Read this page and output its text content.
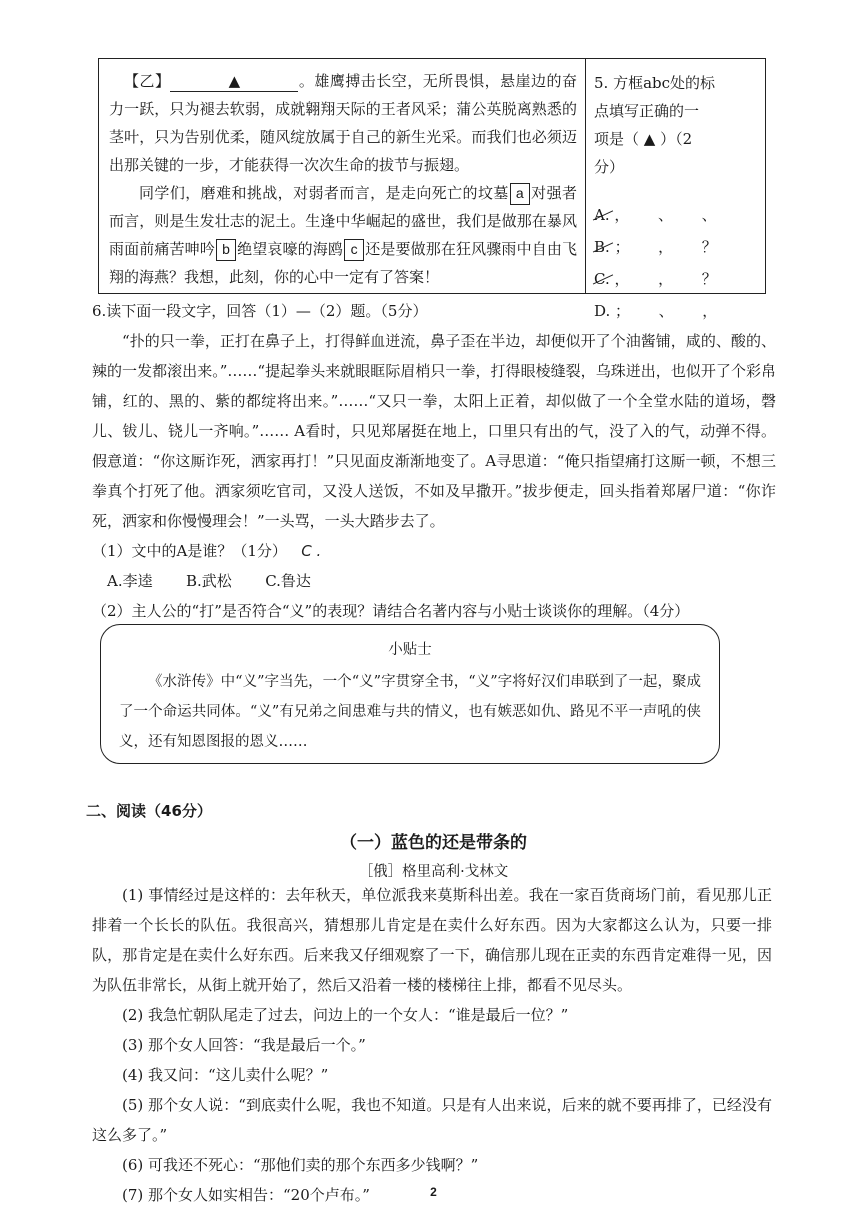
【乙】	▲	。雄鹰搏击长空，无所畏惧，悬崖边的奋力一跃，只为褪去软弱，成就翱翔天际的王者风采；蒲公英脱离熟悉的茎叶，只为告别优柔，随风绽放属于自己的新生光采。而我们也必须迈出那关键的一步，才能获得一次次生命的拔节与振翅。

同学们，磨难和挑战，对弱者而言，是走向死亡的坟墓 a 对强者而言，则是生发壮志的泥土。生逢中华崛起的盛世，我们是做那在暴风雨面前痛苦呻吟 b 绝望哀嚎的海鸥 c 还是要做那在狂风骤雨中自由飞翔的海燕？我想，此刻，你的心中一定有了答案！

5. 方框abc处的标
点填写正确的一
项是（ ▲ ）（2
分）
A. ，      、      、
B. ；      ，      ？
C. ，      ，      ？
D. ；      、      ，

6.读下面一段文字，回答（1）—（2）题。（5分）

“扑的只一拳，正打在鼻子上，打得鲜血迸流，鼻子歪在半边，却便似开了个油酱铺，咸的、酸的、辣的一发都滚出来。”……“提起拳头来就眼眶际眉梢只一拳，打得眼棱缝裂，乌珠迸出，也似开了个彩帛铺，红的、黑的、紫的都绽将出来。”……“又只一拳，太阳上正着，却似做了一个全堂水陆的道场，磬儿、钹儿、铙儿一齐响。”…… A看时，只见郑屠挺在地上，口里只有出的气，没了入的气，动弹不得。假意道：“你这厮诈死，洒家再打！”只见面皮渐渐地变了。A寻思道：“俺只指望痛打这厮一顿，不想三拳真个打死了他。洒家须吃官司，又没人送饭，不如及早撒开。”拔步便走，回头指着郑屠尸道：“你诈死，洒家和你慢慢理会！”一头骂，一头大踏步去了。

（1）文中的A是谁？（1分） C .

A.李逵 B.武松 C.鲁达

（2）主人公的“打”是否符合“义”的表现？请结合名著内容与小贴士谈谈你的理解。（4分）

小贴士

《水浒传》中“义”字当先，一个“义”字贯穿全书，“义”字将好汉们串联到了一起，聚成了一个命运共同体。“义”有兄弟之间患难与共的情义，也有嫉恶如仇、路见不平一声吼的侠义，还有知恩图报的恩义……

二、阅读（46分）
（一）蓝色的还是带条的
［俄］格里高利·戈林文

(1) 事情经过是这样的：去年秋天，单位派我来莫斯科出差。我在一家百货商场门前，看见那儿正排着一个长长的队伍。我很高兴，猜想那儿肯定是在卖什么好东西。因为大家都这么认为，只要一排队，那肯定是在卖什么好东西。后来我又仔细观察了一下，确信那儿现在正卖的东西肯定难得一见，因为队伍非常长，从街上就开始了，然后又沿着一楼的楼梯往上排，都看不见尽头。

(2) 我急忙朝队尾走了过去，问边上的一个女人：“谁是最后一位？”

(3) 那个女人回答：“我是最后一个。”

(4) 我又问：“这儿卖什么呢？”

(5) 那个女人说：“到底卖什么呢，我也不知道。只是有人出来说，后来的就不要再排了，已经没有这么多了。”

(6) 可我还不死心：“那他们卖的那个东西多少钱啊？”

(7) 那个女人如实相告：“20个卢布。”	2
